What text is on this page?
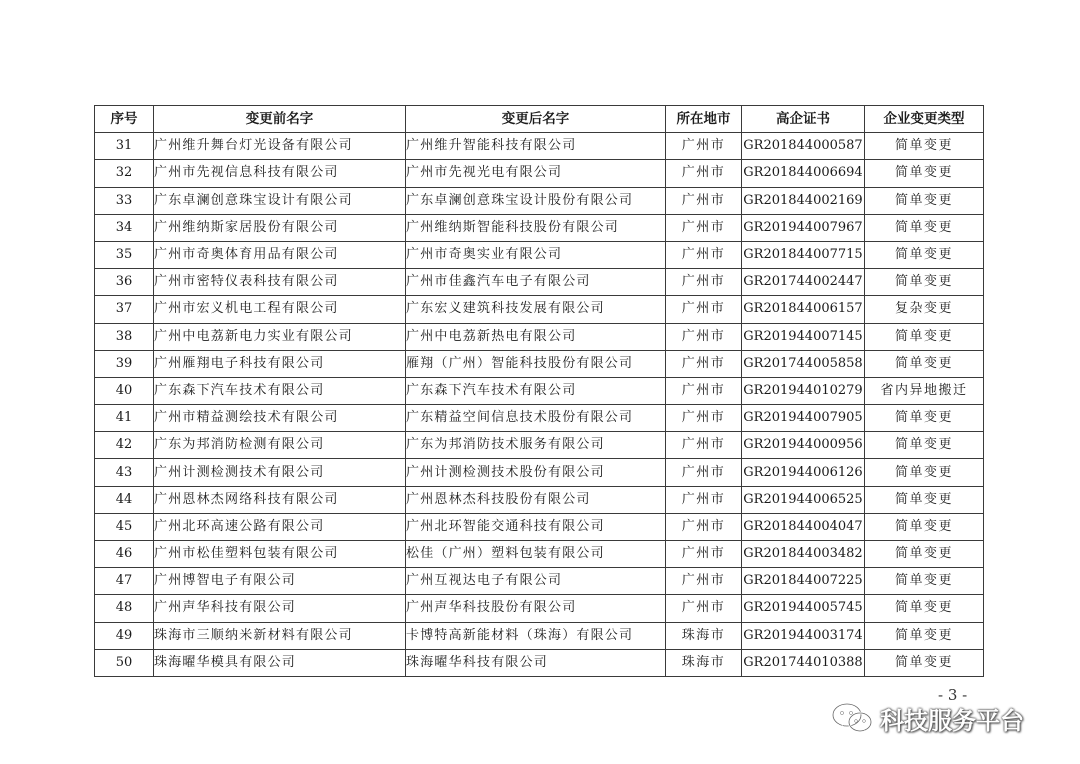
序号	变更前名字	变更后名字	所在地市	高企证书	企业变更类型
31	广州维升舞台灯光设备有限公司	广州维升智能科技有限公司	广州市	GR201844000587	简单变更
32	广州市先视信息科技有限公司	广州市先视光电有限公司	广州市	GR201844006694	简单变更
33	广东卓澜创意珠宝设计有限公司	广东卓澜创意珠宝设计股份有限公司	广州市	GR201844002169	简单变更
34	广州维纳斯家居股份有限公司	广州维纳斯智能科技股份有限公司	广州市	GR201944007967	简单变更
35	广州市奇奥体育用品有限公司	广州市奇奥实业有限公司	广州市	GR201844007715	简单变更
36	广州市密特仪表科技有限公司	广州市佳鑫汽车电子有限公司	广州市	GR201744002447	简单变更
37	广州市宏义机电工程有限公司	广东宏义建筑科技发展有限公司	广州市	GR201844006157	复杂变更
38	广州中电荔新电力实业有限公司	广州中电荔新热电有限公司	广州市	GR201944007145	简单变更
39	广州雁翔电子科技有限公司	雁翔（广州）智能科技股份有限公司	广州市	GR201744005858	简单变更
40	广东森下汽车技术有限公司	广东森下汽车技术有限公司	广州市	GR201944010279	省内异地搬迁
41	广州市精益测绘技术有限公司	广东精益空间信息技术股份有限公司	广州市	GR201944007905	简单变更
42	广东为邦消防检测有限公司	广东为邦消防技术服务有限公司	广州市	GR201944000956	简单变更
43	广州计测检测技术有限公司	广州计测检测技术股份有限公司	广州市	GR201944006126	简单变更
44	广州恩林杰网络科技有限公司	广州恩林杰科技股份有限公司	广州市	GR201944006525	简单变更
45	广州北环高速公路有限公司	广州北环智能交通科技有限公司	广州市	GR201844004047	简单变更
46	广州市松佳塑料包装有限公司	松佳（广州）塑料包装有限公司	广州市	GR201844003482	简单变更
47	广州博智电子有限公司	广州互视达电子有限公司	广州市	GR201844007225	简单变更
48	广州声华科技有限公司	广州声华科技股份有限公司	广州市	GR201944005745	简单变更
49	珠海市三顺纳米新材料有限公司	卡博特高新能材料（珠海）有限公司	珠海市	GR201944003174	简单变更
50	珠海曜华模具有限公司	珠海曜华科技有限公司	珠海市	GR201744010388	简单变更
- 3 -
科技服务平台
